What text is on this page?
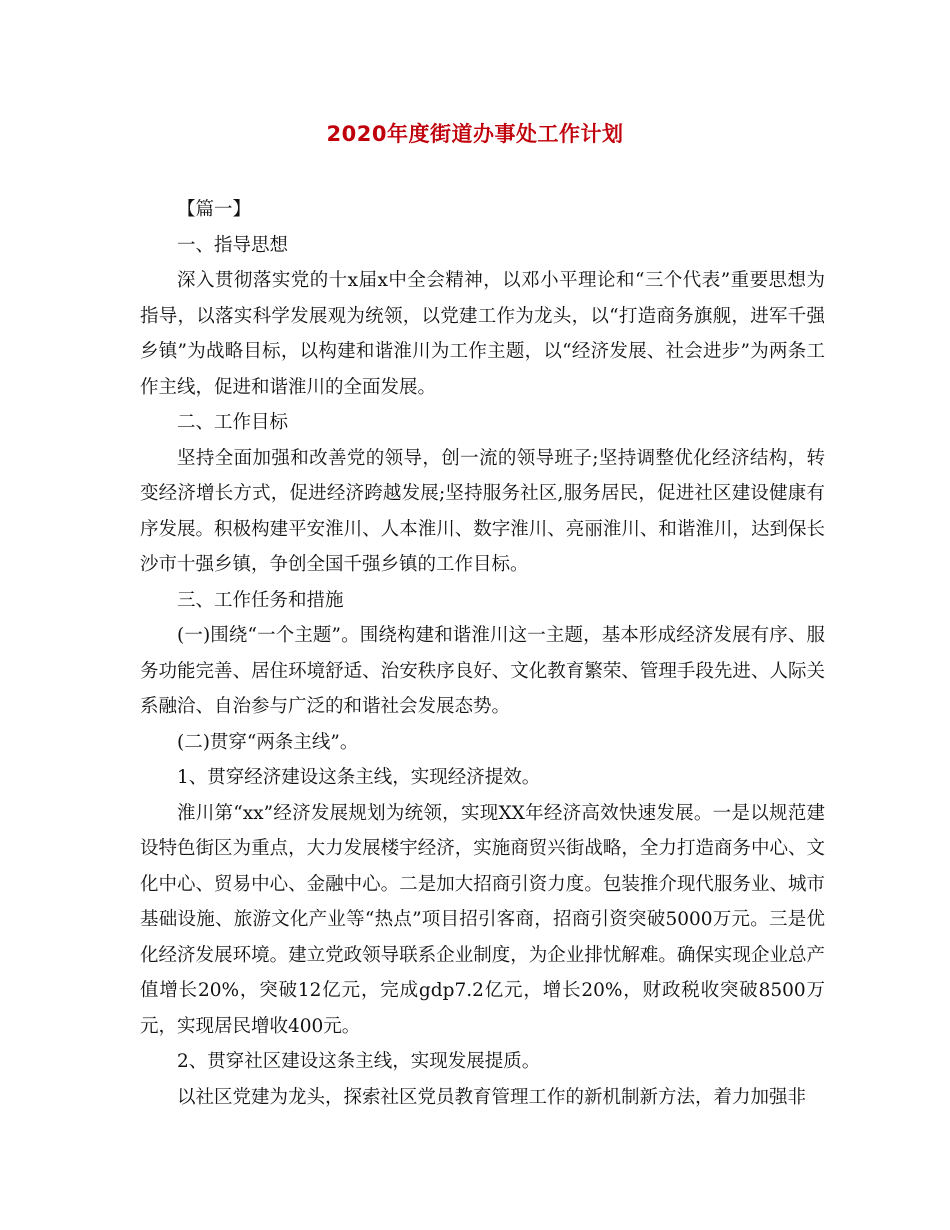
2020年度街道办事处工作计划

【篇一】

一、指导思想

深入贯彻落实党的十x届x中全会精神，以邓小平理论和“三个代表”重要思想为指导，以落实科学发展观为统领，以党建工作为龙头，以“打造商务旗舰，进军千强乡镇”为战略目标，以构建和谐淮川为工作主题，以“经济发展、社会进步”为两条工作主线，促进和谐淮川的全面发展。

二、工作目标

坚持全面加强和改善党的领导，创一流的领导班子;坚持调整优化经济结构，转变经济增长方式，促进经济跨越发展;坚持服务社区,服务居民，促进社区建设健康有序发展。积极构建平安淮川、人本淮川、数字淮川、亮丽淮川、和谐淮川，达到保长沙市十强乡镇，争创全国千强乡镇的工作目标。

三、工作任务和措施

(一)围绕“一个主题”。围绕构建和谐淮川这一主题，基本形成经济发展有序、服务功能完善、居住环境舒适、治安秩序良好、文化教育繁荣、管理手段先进、人际关系融洽、自治参与广泛的和谐社会发展态势。

(二)贯穿“两条主线”。

1、贯穿经济建设这条主线，实现经济提效。

淮川第“xx”经济发展规划为统领，实现XX年经济高效快速发展。一是以规范建设特色街区为重点，大力发展楼宇经济，实施商贸兴街战略，全力打造商务中心、文化中心、贸易中心、金融中心。二是加大招商引资力度。包装推介现代服务业、城市基础设施、旅游文化产业等“热点”项目招引客商，招商引资突破5000万元。三是优化经济发展环境。建立党政领导联系企业制度，为企业排忧解难。确保实现企业总产值增长20%，突破12亿元，完成gdp7.2亿元，增长20%，财政税收突破8500万元，实现居民增收400元。

2、贯穿社区建设这条主线，实现发展提质。

以社区党建为龙头，探索社区党员教育管理工作的新机制新方法，着力加强非
